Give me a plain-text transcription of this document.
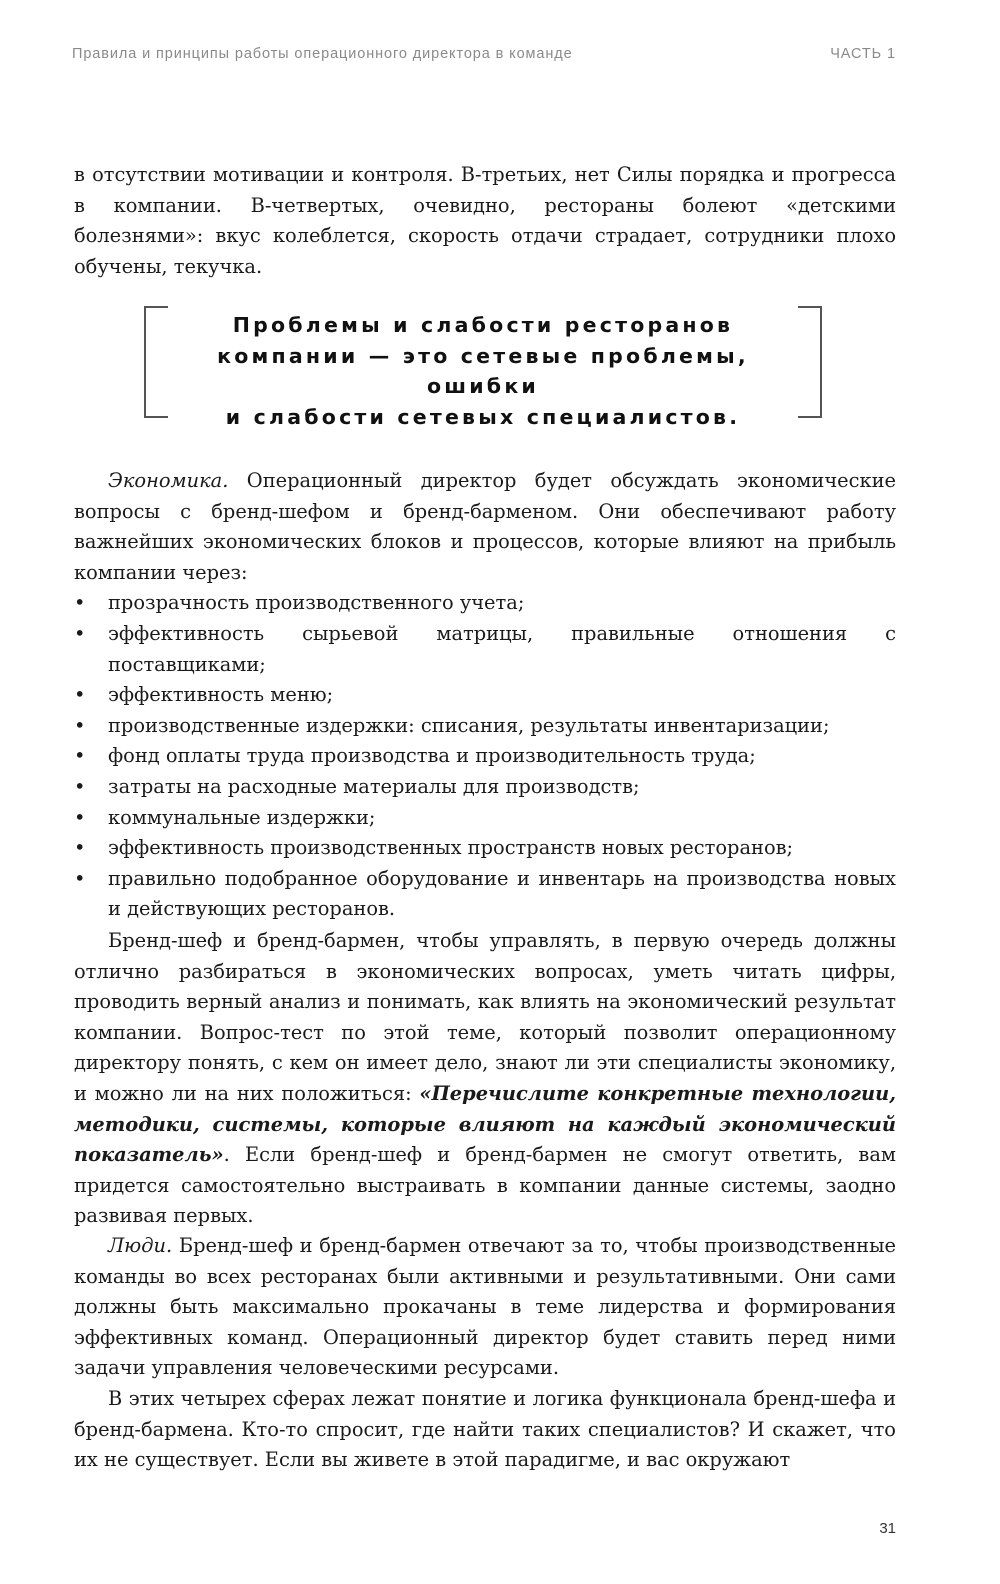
Правила и принципы работы операционного директора в команде	ЧАСТЬ 1

в отсутствии мотивации и контроля. В-третьих, нет Силы порядка и прогресса в компании. В-четвертых, очевидно, рестораны болеют «детскими болезнями»: вкус колеблется, скорость отдачи страдает, сотрудники плохо обучены, текучка.

Проблемы и слабости ресторанов
компании — это сетевые проблемы, ошибки
и слабости сетевых специалистов.

Экономика. Операционный директор будет обсуждать экономические вопросы с бренд-шефом и бренд-барменом. Они обеспечивают работу важнейших экономических блоков и процессов, которые влияют на прибыль компании через:

• прозрачность производственного учета;
• эффективность сырьевой матрицы, правильные отношения с поставщиками;
• эффективность меню;
• производственные издержки: списания, результаты инвентаризации;
• фонд оплаты труда производства и производительность труда;
• затраты на расходные материалы для производств;
• коммунальные издержки;
• эффективность производственных пространств новых ресторанов;
• правильно подобранное оборудование и инвентарь на производства новых и действующих ресторанов.

Бренд-шеф и бренд-бармен, чтобы управлять, в первую очередь должны отлично разбираться в экономических вопросах, уметь читать цифры, проводить верный анализ и понимать, как влиять на экономический результат компании. Вопрос-тест по этой теме, который позволит операционному директору понять, с кем он имеет дело, знают ли эти специалисты экономику, и можно ли на них положиться: «Перечислите конкретные технологии, методики, системы, которые влияют на каждый экономический показатель». Если бренд-шеф и бренд-бармен не смогут ответить, вам придется самостоятельно выстраивать в компании данные системы, заодно развивая первых.

Люди. Бренд-шеф и бренд-бармен отвечают за то, чтобы производственные команды во всех ресторанах были активными и результативными. Они сами должны быть максимально прокачаны в теме лидерства и формирования эффективных команд. Операционный директор будет ставить перед ними задачи управления человеческими ресурсами.

В этих четырех сферах лежат понятие и логика функционала бренд-шефа и бренд-бармена. Кто-то спросит, где найти таких специалистов? И скажет, что их не существует. Если вы живете в этой парадигме, и вас окружают

31
